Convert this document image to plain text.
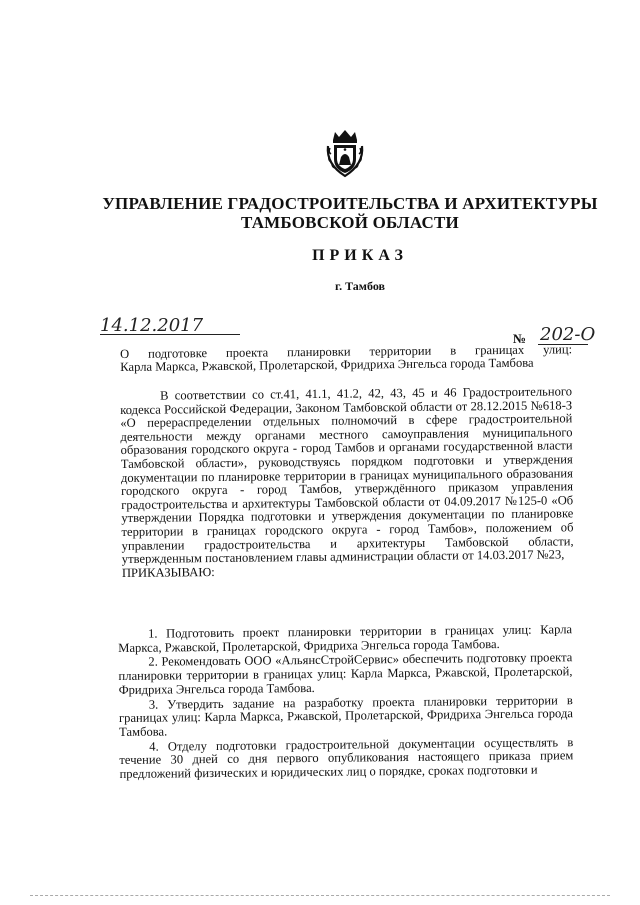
УПРАВЛЕНИЕ ГРАДОСТРОИТЕЛЬСТВА И АРХИТЕКТУРЫ
ТАМБОВСКОЙ ОБЛАСТИ
ПРИКАЗ
г. Тамбов
14.12.2017
№ 202-О
О подготовке проекта планировки территории в границах улиц:
Карла Маркса, Ржавской, Пролетарской, Фридриха Энгельса города Тамбова

В соответствии со ст.41, 41.1, 41.2, 42, 43, 45 и 46 Градостроительного кодекса Российской Федерации, Законом Тамбовской области от 28.12.2015 №618-З «О перераспределении отдельных полномочий в сфере градостроительной деятельности между органами местного самоуправления муниципального образования городского округа - город Тамбов и органами государственной власти Тамбовской области», руководствуясь порядком подготовки и утверждения документации по планировке территории в границах муниципального образования городского округа - город Тамбов, утверждённого приказом управления градостроительства и архитектуры Тамбовской области от 04.09.2017 №125-0 «Об утверждении Порядка подготовки и утверждения документации по планировке территории в границах городского округа - город Тамбов», положением об управлении градостроительства и архитектуры Тамбовской области, утвержденным постановлением главы администрации области от 14.03.2017 №23,

ПРИКАЗЫВАЮ:

1. Подготовить проект планировки территории в границах улиц: Карла Маркса, Ржавской, Пролетарской, Фридриха Энгельса города Тамбова.

2. Рекомендовать ООО «АльянсСтройСервис» обеспечить подготовку проекта планировки территории в границах улиц: Карла Маркса, Ржавской, Пролетарской, Фридриха Энгельса города Тамбова.

3. Утвердить задание на разработку проекта планировки территории в границах улиц: Карла Маркса, Ржавской, Пролетарской, Фридриха Энгельса города Тамбова.

4. Отделу подготовки градостроительной документации осуществлять в течение 30 дней со дня первого опубликования настоящего приказа прием предложений физических и юридических лиц о порядке, сроках подготовки и
